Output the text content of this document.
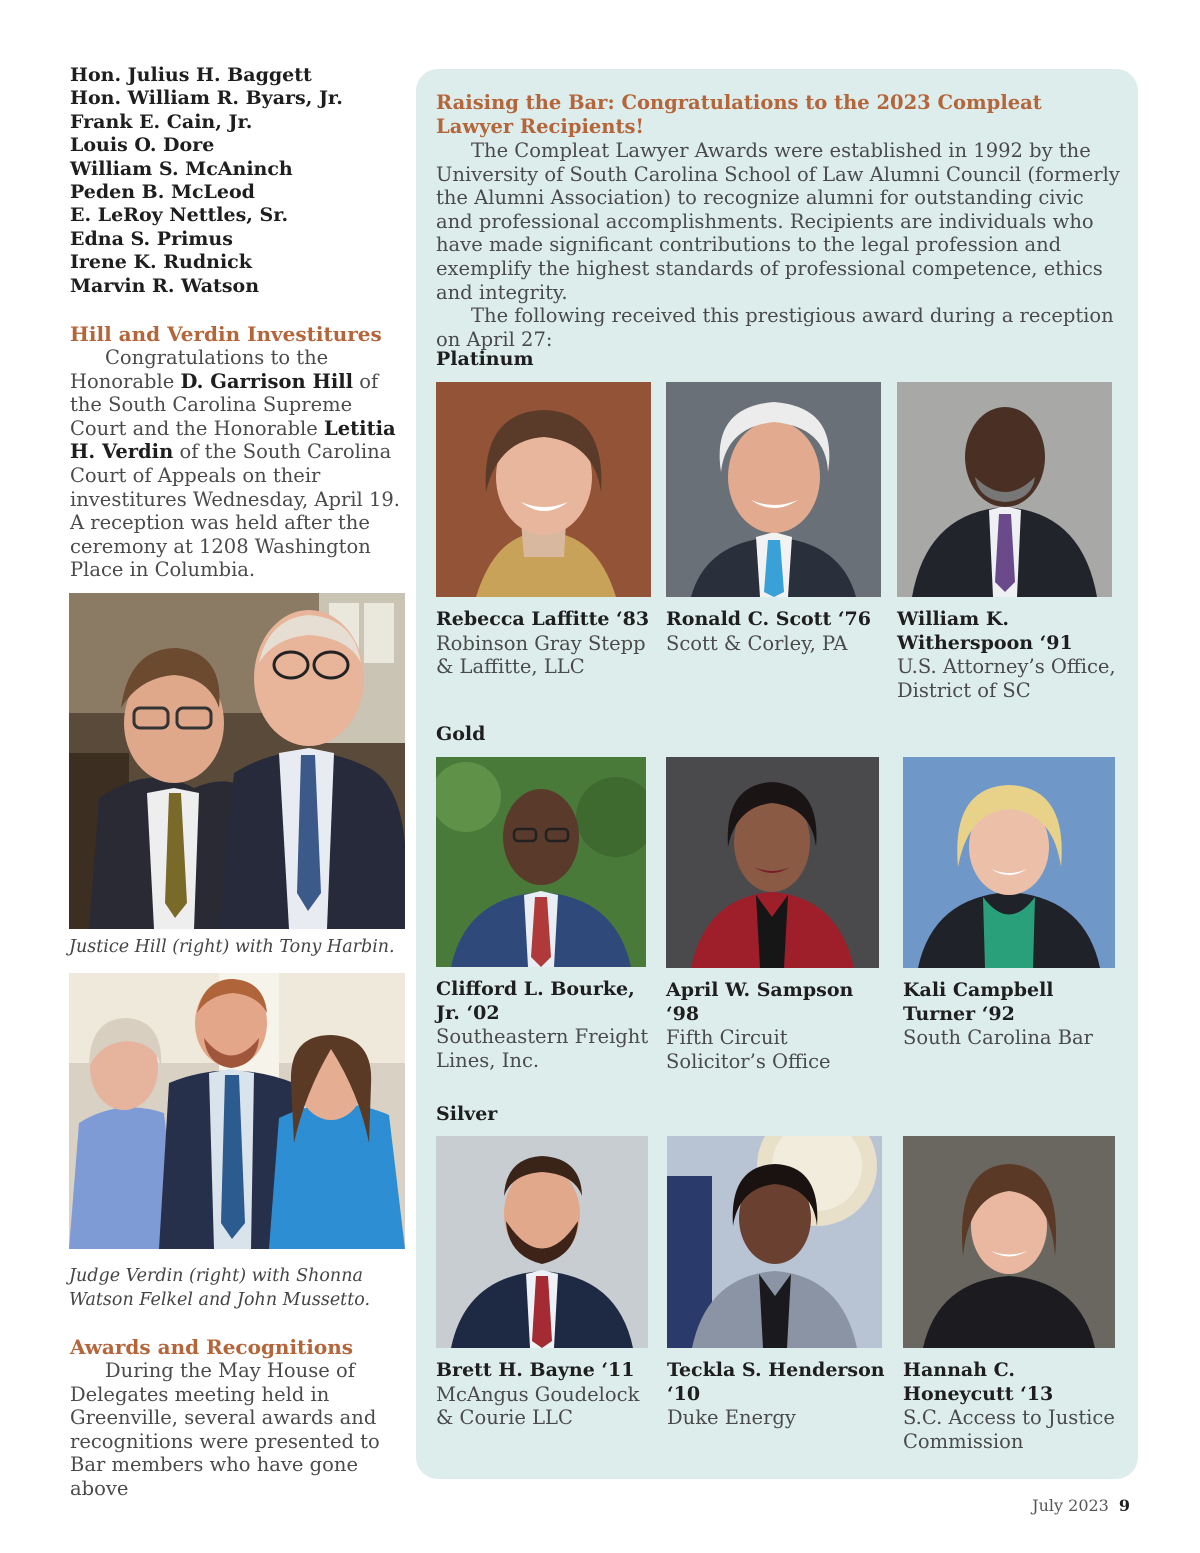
Hon. Julius H. Baggett
Hon. William R. Byars, Jr.
Frank E. Cain, Jr.
Louis O. Dore
William S. McAninch
Peden B. McLeod
E. LeRoy Nettles, Sr.
Edna S. Primus
Irene K. Rudnick
Marvin R. Watson
Hill and Verdin Investitures
Congratulations to the Honorable D. Garrison Hill of the South Carolina Supreme Court and the Honorable Letitia H. Verdin of the South Carolina Court of Appeals on their investitures Wednesday, April 19. A reception was held after the ceremony at 1208 Washington Place in Columbia.
Justice Hill (right) with Tony Harbin.
Judge Verdin (right) with Shonna Watson Felkel and John Mussetto.
Awards and Recognitions
During the May House of Delegates meeting held in Greenville, several awards and recognitions were presented to Bar members who have gone above
Raising the Bar: Congratulations to the 2023 Compleat Lawyer Recipients!
The Compleat Lawyer Awards were established in 1992 by the University of South Carolina School of Law Alumni Council (formerly the Alumni Association) to recognize alumni for outstanding civic and professional accomplishments. Recipients are individuals who have made significant contributions to the legal profession and exemplify the highest standards of professional competence, ethics and integrity.
The following received this prestigious award during a reception on April 27:
Platinum
Rebecca Laffitte ‘83
Robinson Gray Stepp & Laffitte, LLC
Ronald C. Scott ‘76
Scott & Corley, PA
William K. Witherspoon ‘91
U.S. Attorney’s Office, District of SC
Gold
Clifford L. Bourke, Jr. ‘02
Southeastern Freight Lines, Inc.
April W. Sampson ‘98
Fifth Circuit Solicitor’s Office
Kali Campbell Turner ‘92
South Carolina Bar
Silver
Brett H. Bayne ‘11
McAngus Goudelock & Courie LLC
Teckla S. Henderson ‘10
Duke Energy
Hannah C. Honeycutt ‘13
S.C. Access to Justice Commission
July 2023 9
